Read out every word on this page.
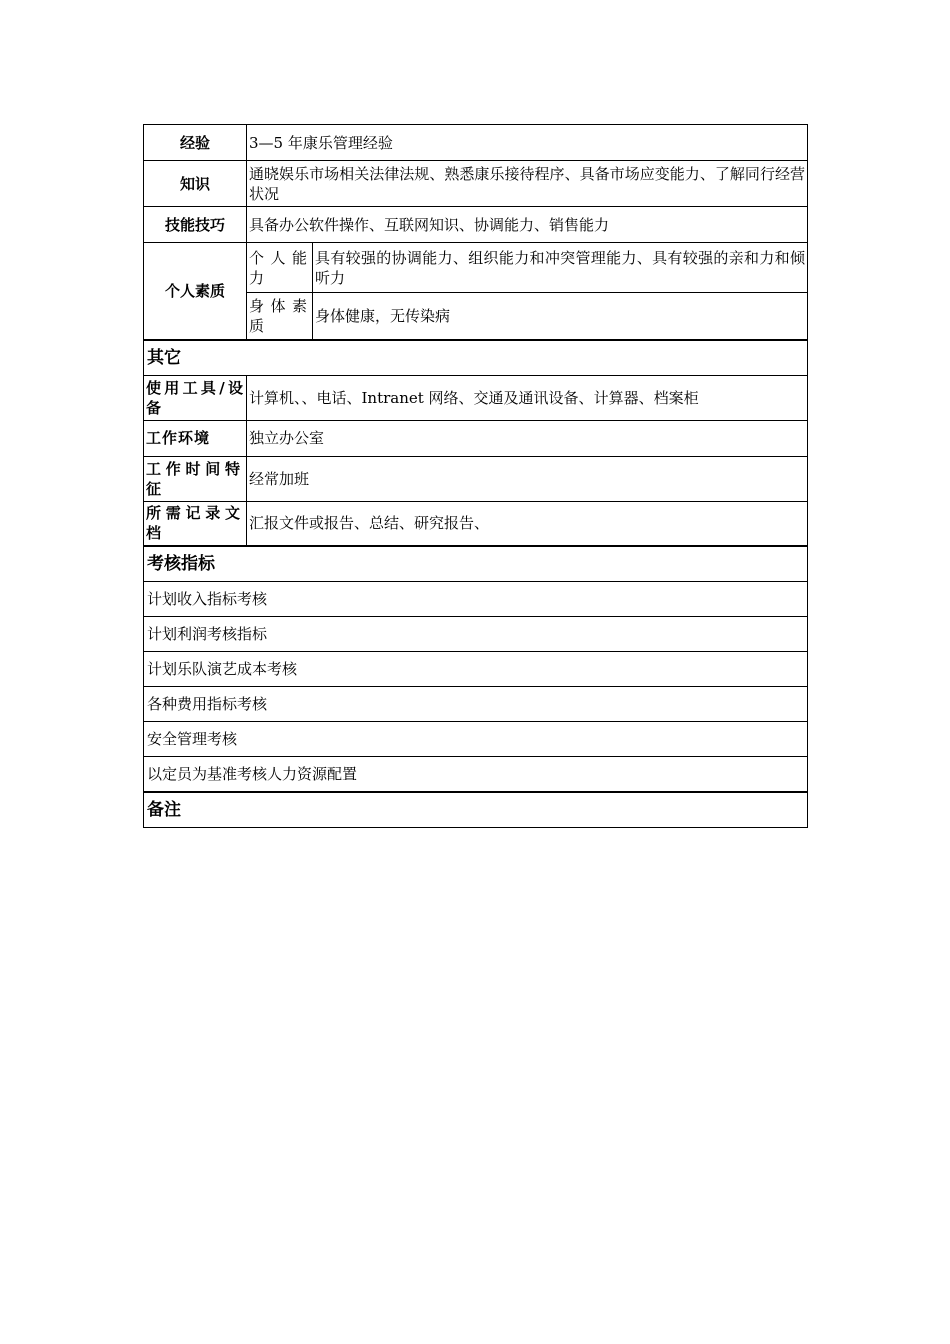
经验	3—5 年康乐管理经验	
知识	通晓娱乐市场相关法律法规、熟悉康乐接待程序、具备市场应变能力、了解同行经营状况	
技能技巧	具备办公软件操作、互联网知识、协调能力、销售能力	
个人素质	个人能力	具有较强的协调能力、组织能力和冲突管理能力、具有较强的亲和力和倾听力
	身体素质	身体健康，无传染病
其它		
使用工具/设备	计算机、、电话、Intranet 网络、交通及通讯设备、计算器、档案柜	
工作环境	独立办公室	
工作时间特征	经常加班	
所需记录文档	汇报文件或报告、总结、研究报告、	
考核指标		
计划收入指标考核		
计划利润考核指标		
计划乐队演艺成本考核		
各种费用指标考核		
安全管理考核		
以定员为基准考核人力资源配置		
备注		
